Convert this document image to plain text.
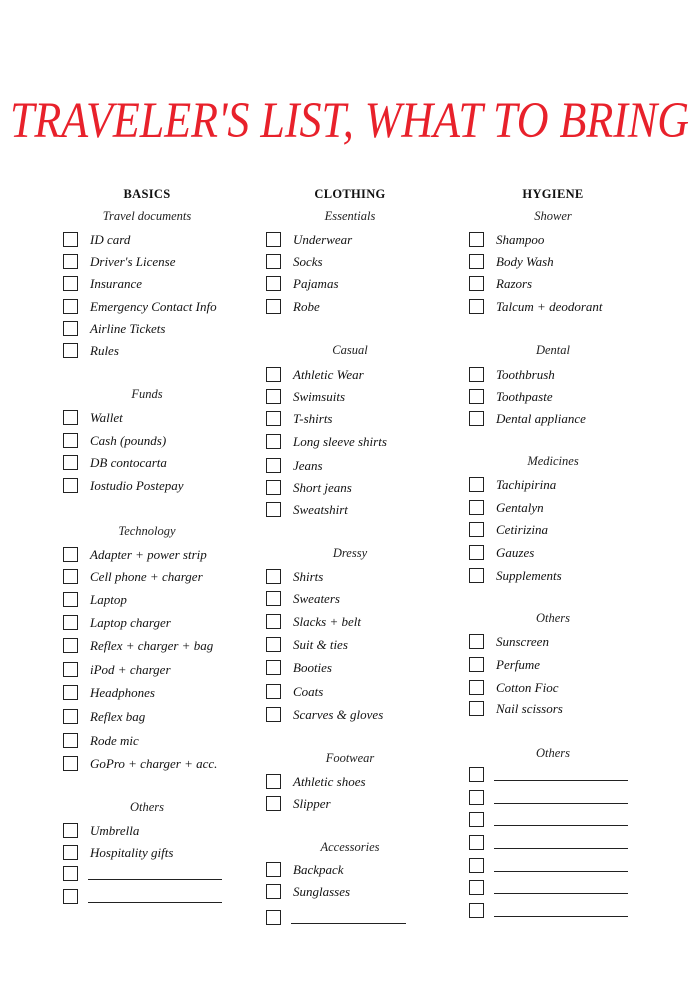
TRAVELER'S LIST, WHAT TO BRING
BASICS
Travel documents
ID card
Driver's License
Insurance
Emergency Contact Info
Airline Tickets
Rules
Funds
Wallet
Cash (pounds)
DB contocarta
Iostudio Postepay
Technology
Adapter + power strip
Cell phone + charger
Laptop
Laptop charger
Reflex + charger + bag
iPod + charger
Headphones
Reflex bag
Rode mic
GoPro + charger + acc.
Others
Umbrella
Hospitality gifts
CLOTHING
Essentials
Underwear
Socks
Pajamas
Robe
Casual
Athletic Wear
Swimsuits
T-shirts
Long sleeve shirts
Jeans
Short jeans
Sweatshirt
Dressy
Shirts
Sweaters
Slacks + belt
Suit & ties
Booties
Coats
Scarves & gloves
Footwear
Athletic shoes
Slipper
Accessories
Backpack
Sunglasses
HYGIENE
Shower
Shampoo
Body Wash
Razors
Talcum + deodorant
Dental
Toothbrush
Toothpaste
Dental appliance
Medicines
Tachipirina
Gentalyn
Cetirizina
Gauzes
Supplements
Others
Sunscreen
Perfume
Cotton Fioc
Nail scissors
Others
